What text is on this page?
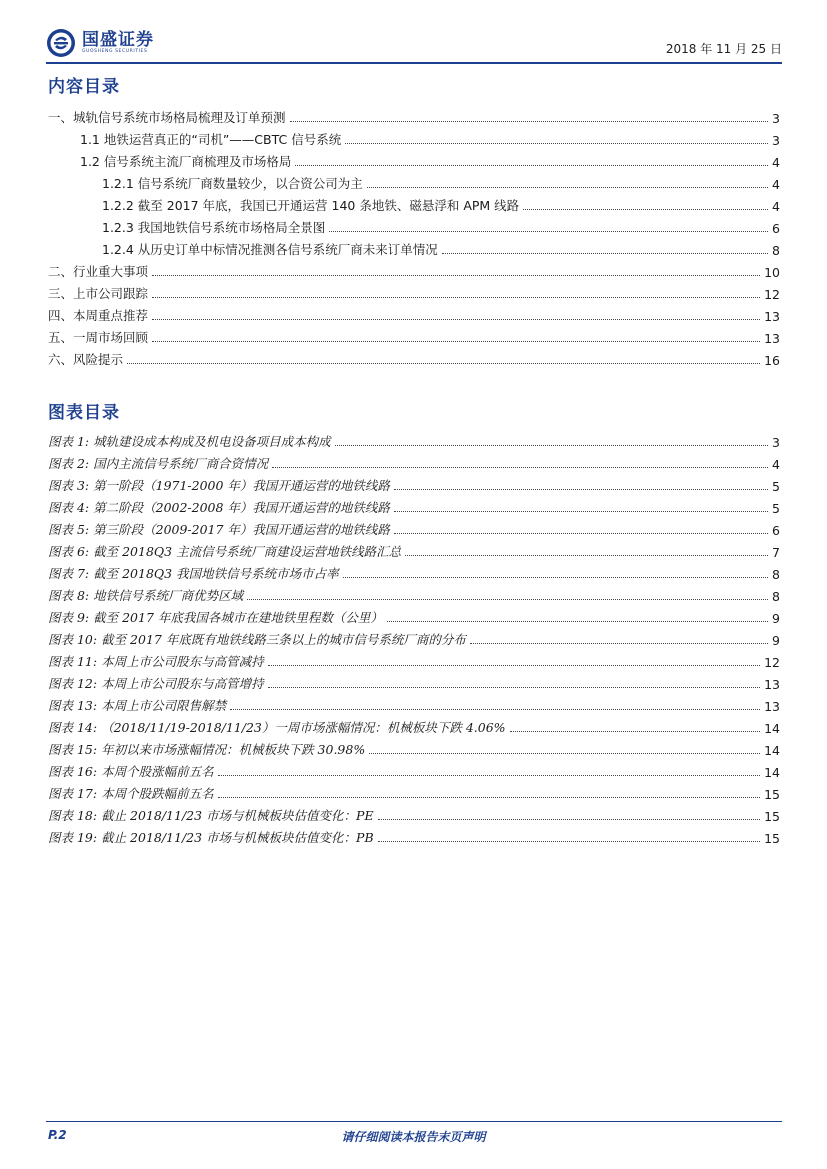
国盛证券
GUOSHENG SECURITIES	2018 年 11 月 25 日
内容目录
一、城轨信号系统市场格局梳理及订单预测	3
1.1 地铁运营真正的“司机”——CBTC 信号系统	3
1.2 信号系统主流厂商梳理及市场格局	4
1.2.1 信号系统厂商数量较少，以合资公司为主	4
1.2.2 截至 2017 年底，我国已开通运营 140 条地铁、磁悬浮和 APM 线路	4
1.2.3 我国地铁信号系统市场格局全景图	6
1.2.4 从历史订单中标情况推测各信号系统厂商未来订单情况	8
二、行业重大事项	10
三、上市公司跟踪	12
四、本周重点推荐	13
五、一周市场回顾	13
六、风险提示	16
图表目录
图表 1: 城轨建设成本构成及机电设备项目成本构成	3
图表 2: 国内主流信号系统厂商合资情况	4
图表 3: 第一阶段（1971-2000 年）我国开通运营的地铁线路	5
图表 4: 第二阶段（2002-2008 年）我国开通运营的地铁线路	5
图表 5: 第三阶段（2009-2017 年）我国开通运营的地铁线路	6
图表 6: 截至 2018Q3 主流信号系统厂商建设运营地铁线路汇总	7
图表 7: 截至 2018Q3 我国地铁信号系统市场市占率	8
图表 8: 地铁信号系统厂商优势区域	8
图表 9: 截至 2017 年底我国各城市在建地铁里程数（公里）	9
图表 10: 截至 2017 年底既有地铁线路三条以上的城市信号系统厂商的分布	9
图表 11: 本周上市公司股东与高管减持	12
图表 12: 本周上市公司股东与高管增持	13
图表 13: 本周上市公司限售解禁	13
图表 14: （2018/11/19-2018/11/23）一周市场涨幅情况：机械板块下跌 4.06%	14
图表 15: 年初以来市场涨幅情况：机械板块下跌 30.98%	14
图表 16: 本周个股涨幅前五名	14
图表 17: 本周个股跌幅前五名	15
图表 18: 截止 2018/11/23 市场与机械板块估值变化：PE	15
图表 19: 截止 2018/11/23 市场与机械板块估值变化：PB	15
请仔细阅读本报告末页声明
P.2
